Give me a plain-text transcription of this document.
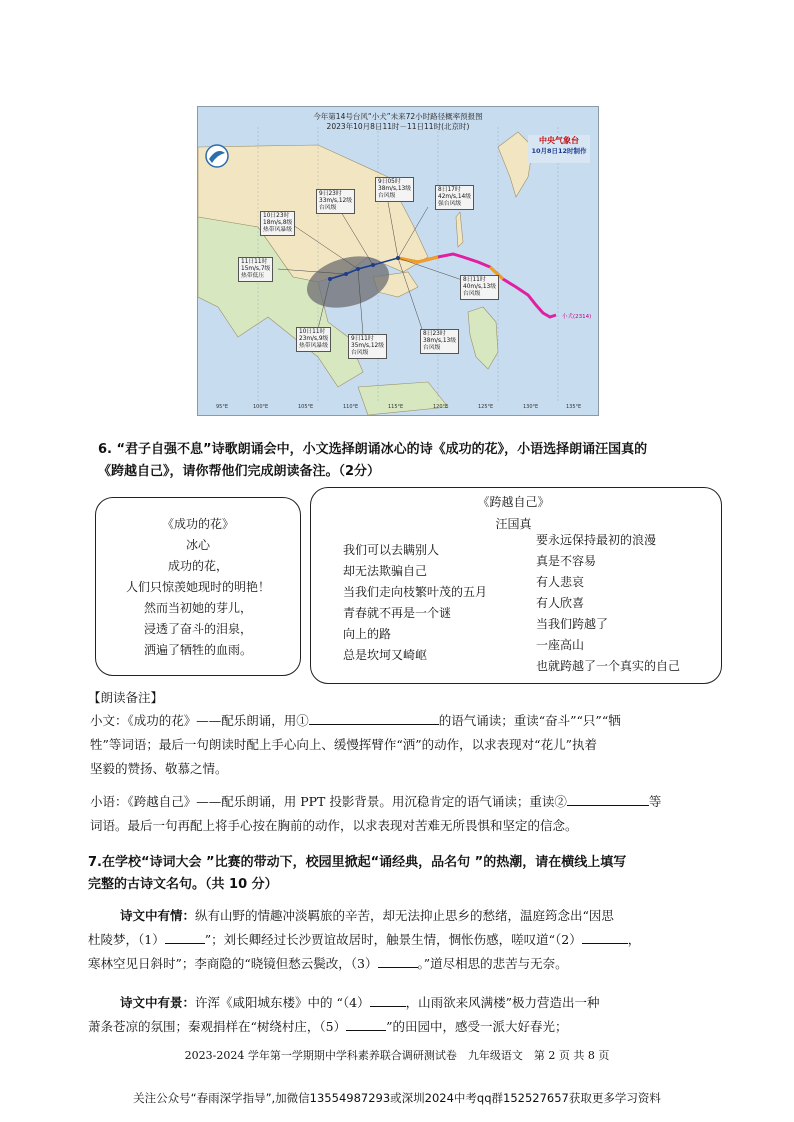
今年第14号台风“小犬”未来72小时路径概率预报图
2023年10月8日11时－11日11时(北京时)
中央气象台
10月8日12时制作
9日05时
38m/s,13级
台风级
9日23时
33m/s,12级
台风级
8日17时
42m/s,14级
强台风级
10日23时
18m/s,8级
热带风暴级
11日11时
15m/s,7级
热带低压
8日11时
40m/s,13级
台风级
10日11时
23m/s,9级
热带风暴级
9日11时
35m/s,12级
台风级
8日23时
38m/s,13级
台风级
小犬(2314)
95°E	100°E	105°E	110°E	115°E	120°E	125°E	130°E	135°E
6. “君子自强不息”诗歌朗诵会中，小文选择朗诵冰心的诗《成功的花》，小语选择朗诵汪国真的
《跨越自己》，请你帮他们完成朗读备注。（2分）
《成功的花》
冰心
成功的花，
人们只惊羡她现时的明艳！
然而当初她的芽儿，
浸透了奋斗的泪泉，
洒遍了牺牲的血雨。
《跨越自己》
汪国真
我们可以去瞒别人
却无法欺骗自己
当我们走向枝繁叶茂的五月
青春就不再是一个谜
向上的路
总是坎坷又崎岖
要永远保持最初的浪漫
真是不容易
有人悲哀
有人欣喜
当我们跨越了
一座高山
也就跨越了一个真实的自己
【朗读备注】
小文：《成功的花》——配乐朗诵，用①	的语气诵读；重读“奋斗”“只”“牺
牲”等词语；最后一句朗读时配上手心向上、缓慢挥臂作“洒”的动作，以求表现对“花儿”执着
坚毅的赞扬、敬慕之情。
小语：《跨越自己》——配乐朗诵，用 PPT 投影背景。用沉稳肯定的语气诵读；重读②	等
词语。最后一句再配上将手心按在胸前的动作，以求表现对苦难无所畏惧和坚定的信念。
7.在学校“诗词大会 ”比赛的带动下，校园里掀起“诵经典，品名句 ”的热潮，请在横线上填写
完整的古诗文名句。（共 10 分）
诗文中有情：纵有山野的情趣冲淡羁旅的辛苦，却无法抑止思乡的愁绪，温庭筠念出“因思
杜陵梦，（1）	”；刘长卿经过长沙贾谊故居时，触景生情，惆怅伤感，嗟叹道“（2）	，
寒林空见日斜时”；李商隐的“晓镜但愁云鬓改，（3）	。”道尽相思的悲苦与无奈。
诗文中有景：许浑《咸阳城东楼》中的 “（4）	，山雨欲来风满楼”极力营造出一种
萧条苍凉的氛围；秦观捐样在“树绕村庄，（5）	”的田园中，感受一派大好春光；
2023-2024 学年第一学期期中学科素养联合调研测试卷　九年级语文　第 2 页 共 8 页
关注公众号“春雨深学指导”,加微信13554987293或深圳2024中考qq群152527657获取更多学习资料
